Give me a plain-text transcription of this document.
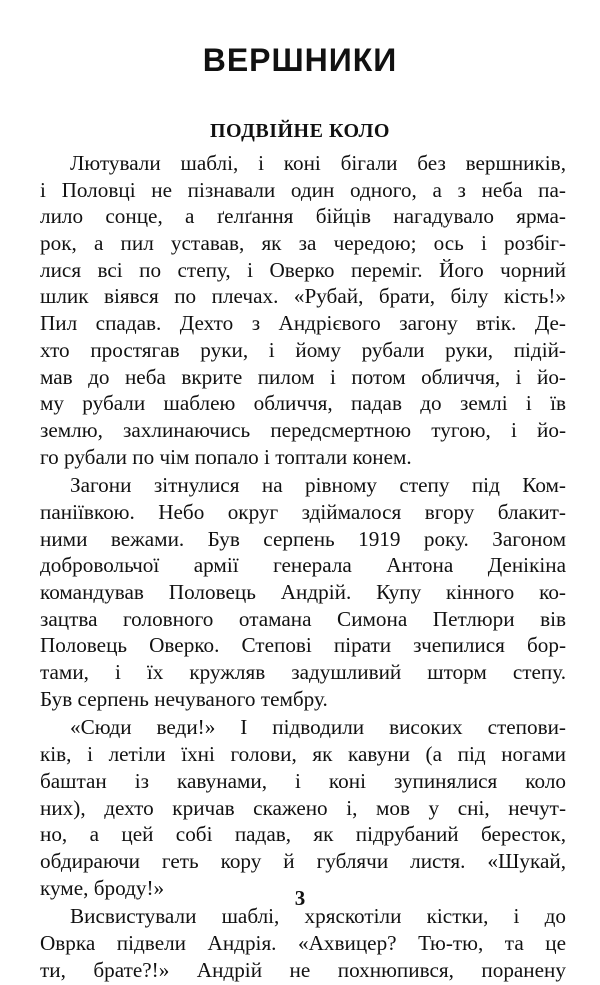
ВЕРШНИКИ
ПОДВІЙНЕ КОЛО

Лютували шаблі, і коні бігали без вершників,
і Половці не пізнавали один одного, а з неба па-
лило сонце, а ґелґання бійців нагадувало ярма-
рок, а пил уставав, як за чередою; ось і розбіг-
лися всі по степу, і Оверко переміг. Його чорний
шлик віявся по плечах. «Рубай, брати, білу кість!»
Пил спадав. Дехто з Андрієвого загону втік. Де-
хто простягав руки, і йому рубали руки, підій-
мав до неба вкрите пилом і потом обличчя, і йо-
му рубали шаблею обличчя, падав до землі і їв
землю, захлинаючись передсмертною тугою, і йо-
го рубали по чім попало і топтали конем.

Загони зітнулися на рівному степу під Ком-
паніївкою. Небо округ здіймалося вгору блакит-
ними вежами. Був серпень 1919 року. Загоном
добровольчої армії генерала Антона Денікіна
командував Половець Андрій. Купу кінного ко-
зацтва головного отамана Симона Петлюри вів
Половець Оверко. Степові пірати зчепилися бор-
тами, і їх кружляв задушливий шторм степу.
Був серпень нечуваного тембру.

«Сюди веди!» І підводили високих степови-
ків, і летіли їхні голови, як кавуни (а під ногами
баштан із кавунами, і коні зупинялися коло
них), дехто кричав скажено і, мов у сні, нечут-
но, а цей собі падав, як підрубаний бересток,
обдираючи геть кору й гублячи листя. «Шукай,
куме, броду!»

Висвистували шаблі, хряскотіли кістки, і до
Оврка підвели Андрія. «Ахвицер? Тю-тю, та це
ти, брате?!» Андрій не похнюпився, поранену

3
